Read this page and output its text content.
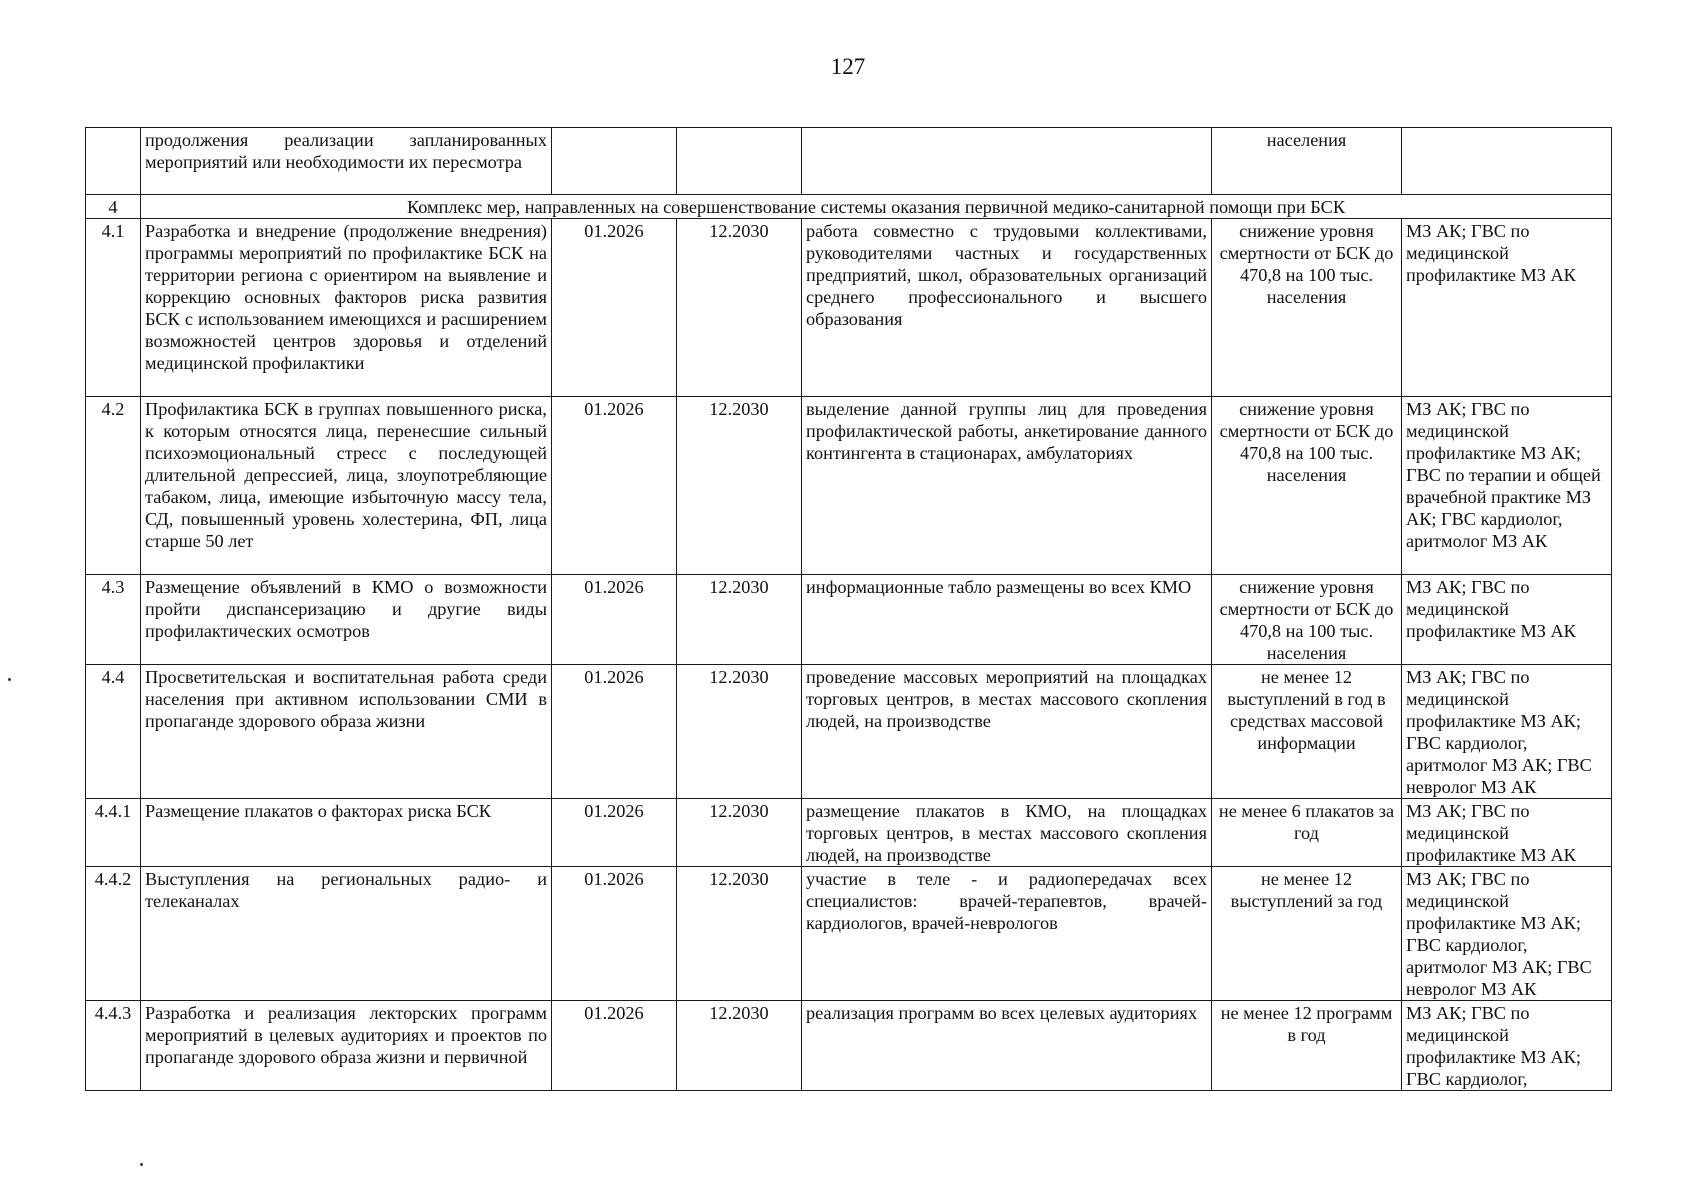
127
	продолжения реализации запланированных мероприятий или необходимости их пересмотра				населения	
4	Комплекс мер, направленных на совершенствование системы оказания первичной медико-санитарной помощи при БСК					
4.1	Разработка и внедрение (продолжение внедрения) программы мероприятий по профилактике БСК на территории региона с ориентиром на выявление и коррекцию основных факторов риска развития БСК с использованием имеющихся и расширением возможностей центров здоровья и отделений медицинской профилактики	01.2026	12.2030	работа совместно с трудовыми коллективами, руководителями частных и государственных предприятий, школ, образовательных организаций среднего профессионального и высшего образования	снижение уровня смертности от БСК до 470,8 на 100 тыс. населения	МЗ АК; ГВС по медицинской профилактике МЗ АК
4.2	Профилактика БСК в группах повышенного риска, к которым относятся лица, перенесшие сильный психоэмоциональный стресс с последующей длительной депрессией, лица, злоупотребляющие табаком, лица, имеющие избыточную массу тела, СД, повышенный уровень холестерина, ФП, лица старше 50 лет	01.2026	12.2030	выделение данной группы лиц для проведения профилактической работы, анкетирование данного контингента в стационарах, амбулаториях	снижение уровня смертности от БСК до 470,8 на 100 тыс. населения	МЗ АК; ГВС по медицинской профилактике МЗ АК; ГВС по терапии и общей врачебной практике МЗ АК; ГВС кардиолог, аритмолог МЗ АК
4.3	Размещение объявлений в КМО о возможности пройти диспансеризацию и другие виды профилактических осмотров	01.2026	12.2030	информационные табло размещены во всех КМО	снижение уровня смертности от БСК до 470,8 на 100 тыс. населения	МЗ АК; ГВС по медицинской профилактике МЗ АК
4.4	Просветительская и воспитательная работа среди населения при активном использовании СМИ в пропаганде здорового образа жизни	01.2026	12.2030	проведение массовых мероприятий на площадках торговых центров, в местах массового скопления людей, на производстве	не менее 12 выступлений в год в средствах массовой информации	МЗ АК; ГВС по медицинской профилактике МЗ АК; ГВС кардиолог, аритмолог МЗ АК; ГВС невролог МЗ АК
4.4.1	Размещение плакатов о факторах риска БСК	01.2026	12.2030	размещение плакатов в КМО, на площадках торговых центров, в местах массового скопления людей, на производстве	не менее 6 плакатов за год	МЗ АК; ГВС по медицинской профилактике МЗ АК
4.4.2	Выступления на региональных радио- и телеканалах	01.2026	12.2030	участие в теле - и радиопередачах всех специалистов: врачей-терапевтов, врачей-кардиологов, врачей-неврологов	не менее 12 выступлений за год	МЗ АК; ГВС по медицинской профилактике МЗ АК; ГВС кардиолог, аритмолог МЗ АК; ГВС невролог МЗ АК
4.4.3	Разработка и реализация лекторских программ мероприятий в целевых аудиториях и проектов по пропаганде здорового образа жизни и первичной	01.2026	12.2030	реализация программ во всех целевых аудиториях	не менее 12 программ в год	МЗ АК; ГВС по медицинской профилактике МЗ АК; ГВС кардиолог,
